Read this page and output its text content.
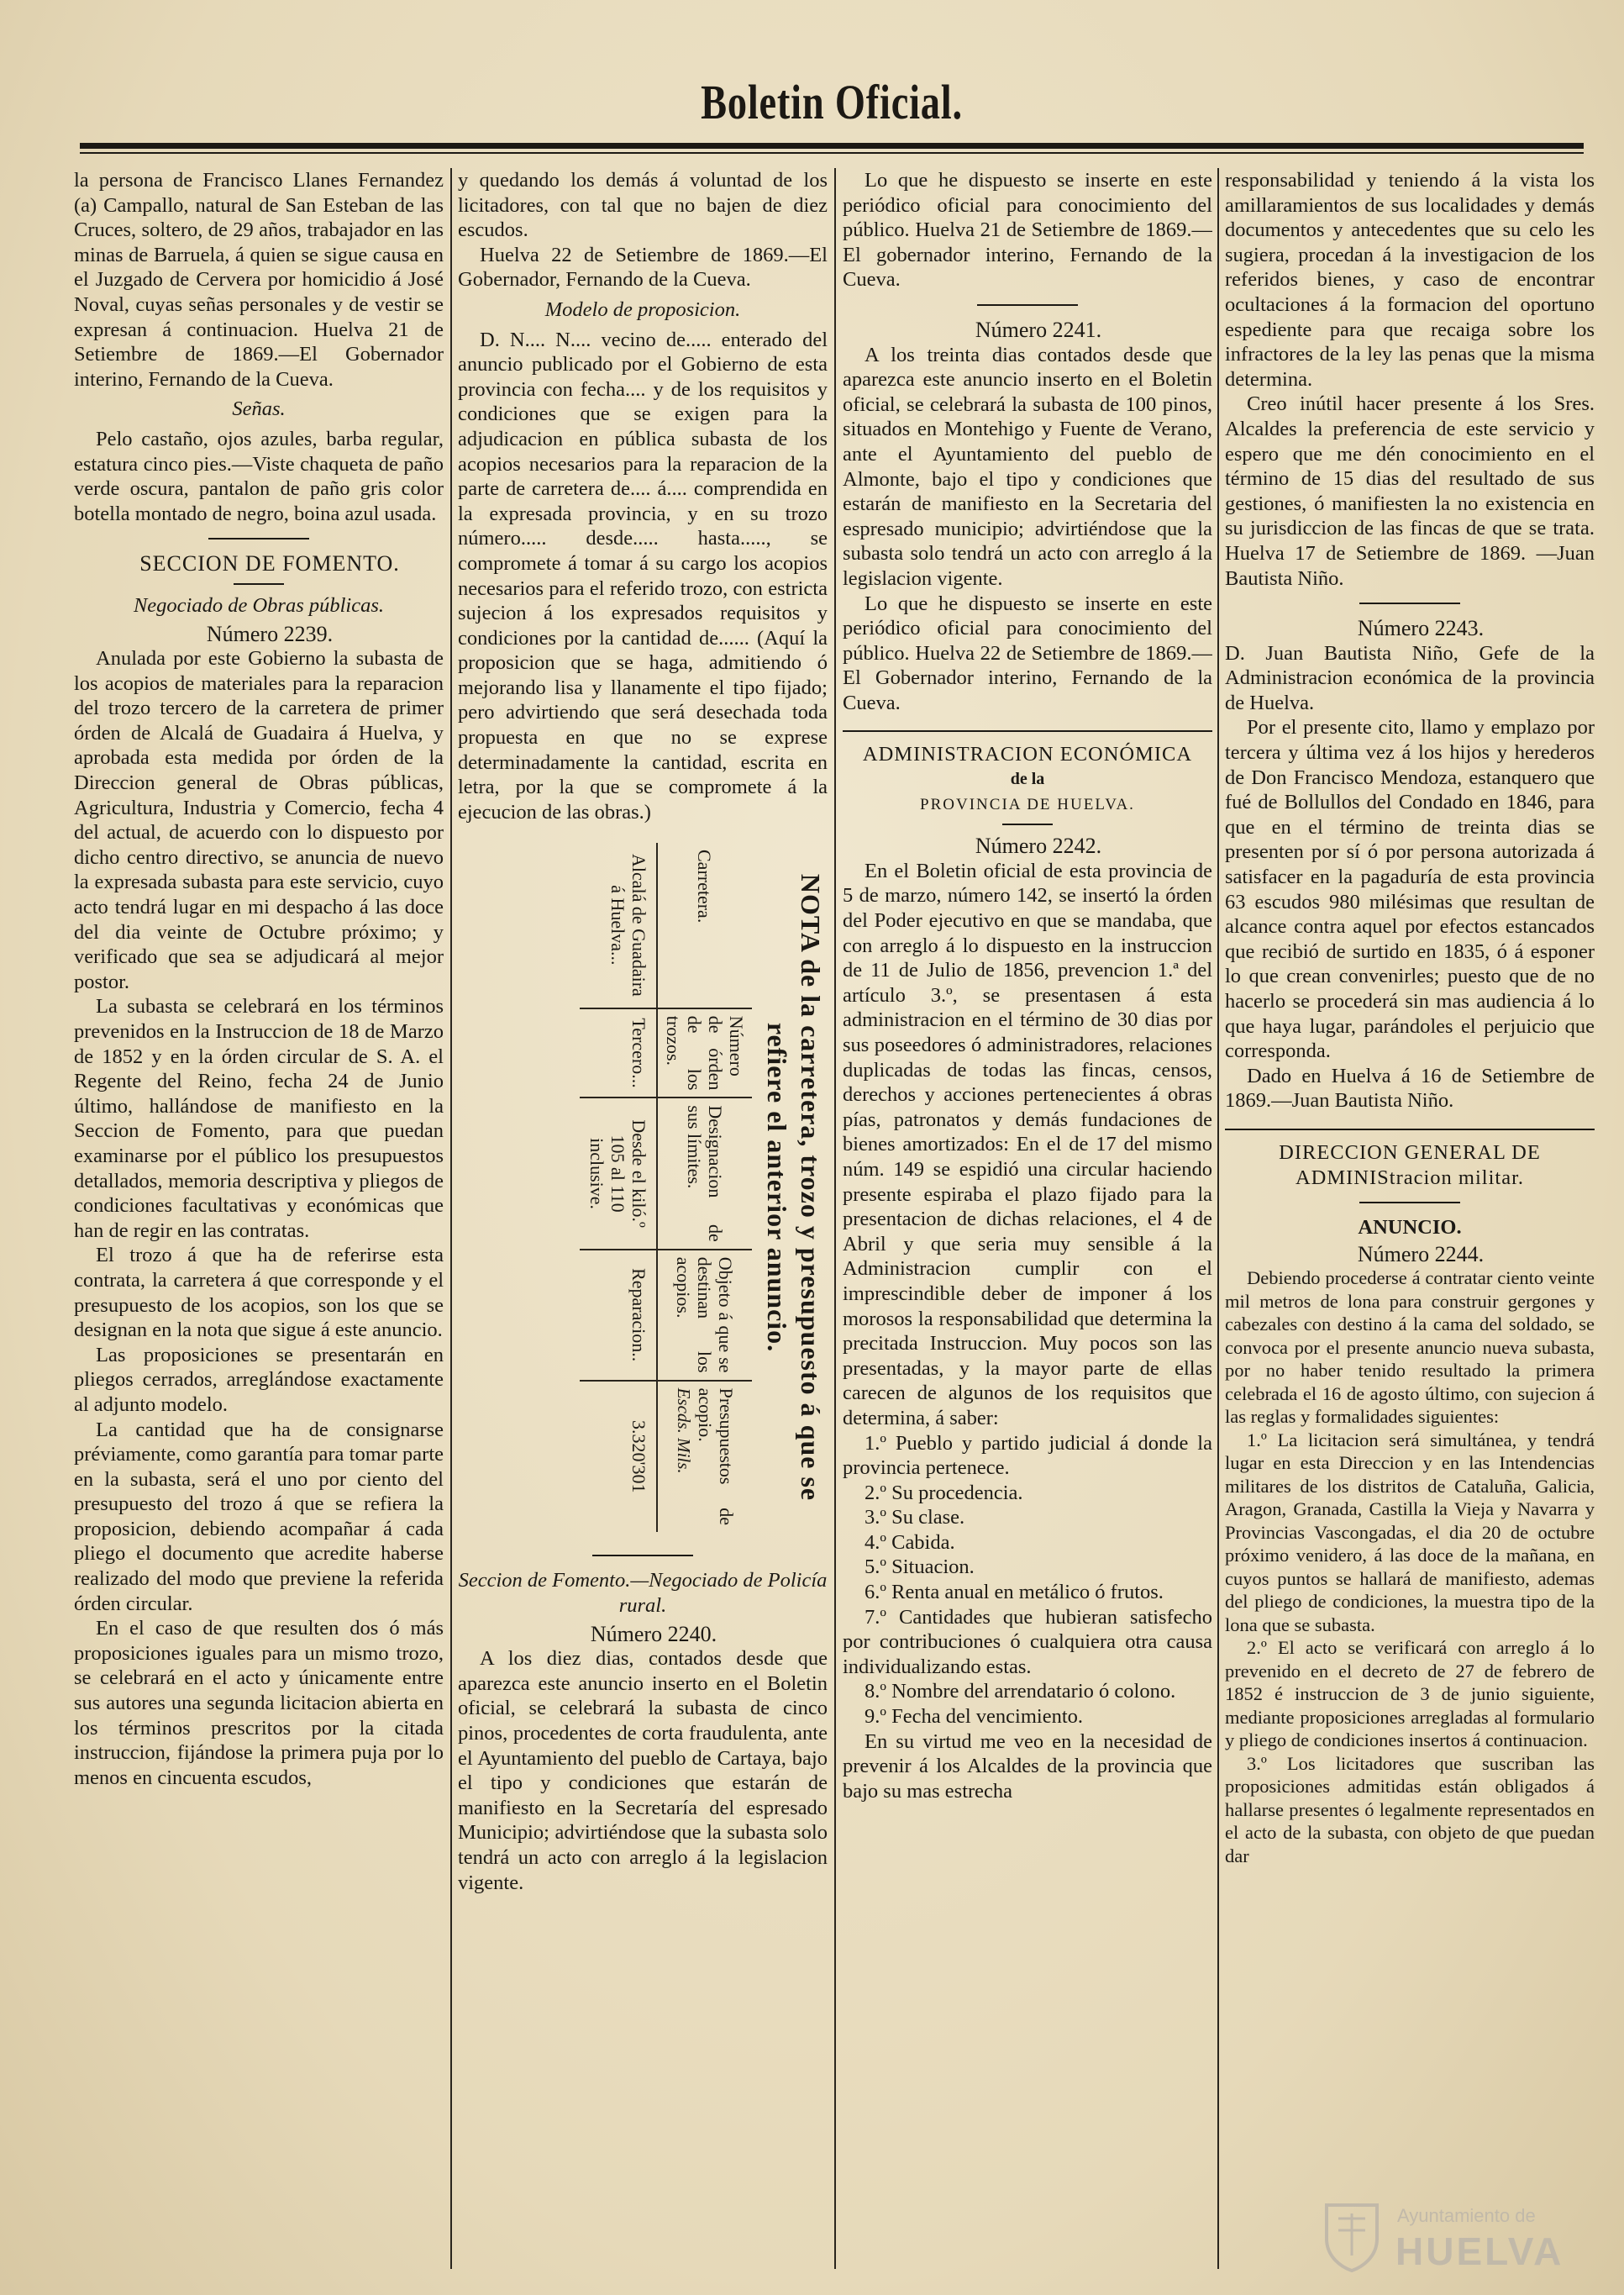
Boletin Oficial.

la persona de Francisco Llanes Fernandez (a) Campallo, natural de San Esteban de las Cruces, soltero, de 29 años, trabajador en las minas de Barruela, á quien se sigue causa en el Juzgado de Cervera por homicidio á José Noval, cuyas señas personales y de vestir se expresan á continuacion. Huelva 21 de Setiembre de 1869.—El Gobernador interino, Fernando de la Cueva.

Señas.

Pelo castaño, ojos azules, barba regular, estatura cinco pies.—Viste chaqueta de paño verde oscura, pantalon de paño gris color botella montado de negro, boina azul usada.

SECCION DE FOMENTO.

Negociado de Obras públicas.

Número 2239.

Anulada por este Gobierno la subasta de los acopios de materiales para la reparacion del trozo tercero de la carretera de primer órden de Alcalá de Guadaira á Huelva, y aprobada esta medida por órden de la Direccion general de Obras públicas, Agricultura, Industria y Comercio, fecha 4 del actual, de acuerdo con lo dispuesto por dicho centro directivo, se anuncia de nuevo la expresada subasta para este servicio, cuyo acto tendrá lugar en mi despacho á las doce del dia veinte de Octubre próximo; y verificado que sea se adjudicará al mejor postor.

La subasta se celebrará en los términos prevenidos en la Instruccion de 18 de Marzo de 1852 y en la órden circular de S. A. el Regente del Reino, fecha 24 de Junio último, hallándose de manifiesto en la Seccion de Fomento, para que puedan examinarse por el público los presupuestos detallados, memoria descriptiva y pliegos de condiciones facultativas y económicas que han de regir en las contratas.

El trozo á que ha de referirse esta contrata, la carretera á que corresponde y el presupuesto de los acopios, son los que se designan en la nota que sigue á este anuncio.

Las proposiciones se presentarán en pliegos cerrados, arreglándose exactamente al adjunto modelo.

La cantidad que ha de consignarse préviamente, como garantía para tomar parte en la subasta, será el uno por ciento del presupuesto del trozo á que se refiera la proposicion, debiendo acompañar á cada pliego el documento que acredite haberse realizado del modo que previene la referida órden circular.

En el caso de que resulten dos ó más proposiciones iguales para un mismo trozo, se celebrará en el acto y únicamente entre sus autores una segunda licitacion abierta en los términos prescritos por la citada instruccion, fijándose la primera puja por lo menos en cincuenta escudos,

y quedando los demás á voluntad de los licitadores, con tal que no bajen de diez escudos.

Huelva 22 de Setiembre de 1869.—El Gobernador, Fernando de la Cueva.

Modelo de proposicion.

D. N.... N.... vecino de..... enterado del anuncio publicado por el Gobierno de esta provincia con fecha.... y de los requisitos y condiciones que se exigen para la adjudicacion en pública subasta de los acopios necesarios para la reparacion de la parte de carretera de.... á.... comprendida en la expresada provincia, y en su trozo número..... desde..... hasta....., se compromete á tomar á su cargo los acopios necesarios para el referido trozo, con estricta sujecion á los expresados requisitos y condiciones por la cantidad de...... (Aquí la proposicion que se haga, admitiendo ó mejorando lisa y llanamente el tipo fijado; pero advirtiendo que será desechada toda propuesta en que no se exprese determinadamente la cantidad, escrita en letra, por la que se compromete á la ejecucion de las obras.)

NOTA de la carretera, trozo y presupuesto á que se refiere el anterior anuncio.
Carretera.	Número de órden de los trozos.	Designacion de sus límites.	Objeto á que se destinan los acopios.	Presupuestos de acopio.
Escds. Mils.
Alcalá de Guadaira á Huelva...	Tercero...	Desde el kiló.º 105 al 110 inclusive.	Reparacion..	3.320'301

Seccion de Fomento.—Negociado de Policía rural.

Número 2240.

A los diez dias, contados desde que aparezca este anuncio inserto en el Boletin oficial, se celebrará la subasta de cinco pinos, procedentes de corta fraudulenta, ante el Ayuntamiento del pueblo de Cartaya, bajo el tipo y condiciones que estarán de manifiesto en la Secretaría del espresado Municipio; advirtiéndose que la subasta solo tendrá un acto con arreglo á la legislacion vigente.

Lo que he dispuesto se inserte en este periódico oficial para conocimiento del público. Huelva 21 de Setiembre de 1869.—El gobernador interino, Fernando de la Cueva.

Número 2241.

A los treinta dias contados desde que aparezca este anuncio inserto en el Boletin oficial, se celebrará la subasta de 100 pinos, situados en Montehigo y Fuente de Verano, ante el Ayuntamiento del pueblo de Almonte, bajo el tipo y condiciones que estarán de manifiesto en la Secretaria del espresado municipio; advirtiéndose que la subasta solo tendrá un acto con arreglo á la legislacion vigente.

Lo que he dispuesto se inserte en este periódico oficial para conocimiento del público. Huelva 22 de Setiembre de 1869.—El Gobernador interino, Fernando de la Cueva.

ADMINISTRACION ECONÓMICA

de la

PROVINCIA DE HUELVA.

Número 2242.

En el Boletin oficial de esta provincia de 5 de marzo, número 142, se insertó la órden del Poder ejecutivo en que se mandaba, que con arreglo á lo dispuesto en la instruccion de 11 de Julio de 1856, prevencion 1.ª del artículo 3.º, se presentasen á esta administracion en el término de 30 dias por sus poseedores ó administradores, relaciones duplicadas de todas las fincas, censos, derechos y acciones pertenecientes á obras pías, patronatos y demás fundaciones de bienes amortizados: En el de 17 del mismo núm. 149 se espidió una circular haciendo presente espiraba el plazo fijado para la presentacion de dichas relaciones, el 4 de Abril y que seria muy sensible á la Administracion cumplir con el imprescindible deber de imponer á los morosos la responsabilidad que determina la precitada Instruccion. Muy pocos son las presentadas, y la mayor parte de ellas carecen de algunos de los requisitos que determina, á saber:

1.º Pueblo y partido judicial á donde la provincia pertenece.

2.º Su procedencia.

3.º Su clase.

4.º Cabida.

5.º Situacion.

6.º Renta anual en metálico ó frutos.

7.º Cantidades que hubieran satisfecho por contribuciones ó cualquiera otra causa individualizando estas.

8.º Nombre del arrendatario ó colono.

9.º Fecha del vencimiento.

En su virtud me veo en la necesidad de prevenir á los Alcaldes de la provincia que bajo su mas estrecha

responsabilidad y teniendo á la vista los amillaramientos de sus localidades y demás documentos y antecedentes que su celo les sugiera, procedan á la investigacion de los referidos bienes, y caso de encontrar ocultaciones á la formacion del oportuno espediente para que recaiga sobre los infractores de la ley las penas que la misma determina.

Creo inútil hacer presente á los Sres. Alcaldes la preferencia de este servicio y espero que me dén conocimiento en el término de 15 dias del resultado de sus gestiones, ó manifiesten la no existencia en su jurisdiccion de las fincas de que se trata. Huelva 17 de Setiembre de 1869. —Juan Bautista Niño.

Número 2243.

D. Juan Bautista Niño, Gefe de la Administracion económica de la provincia de Huelva.

Por el presente cito, llamo y emplazo por tercera y última vez á los hijos y herederos de Don Francisco Mendoza, estanquero que fué de Bollullos del Condado en 1846, para que en el término de treinta dias se presenten por sí ó por persona autorizada á satisfacer en la pagaduría de esta provincia 63 escudos 980 milésimas que resultan de alcance contra aquel por efectos estancados que recibió de surtido en 1835, ó á esponer lo que crean convenirles; puesto que de no hacerlo se procederá sin mas audiencia á lo que haya lugar, parándoles el perjuicio que corresponda.

Dado en Huelva á 16 de Setiembre de 1869.—Juan Bautista Niño.

DIRECCION GENERAL DE ADMINIStracion militar.

ANUNCIO.

Número 2244.

Debiendo procederse á contratar ciento veinte mil metros de lona para construir gergones y cabezales con destino á la cama del soldado, se convoca por el presente anuncio nueva subasta, por no haber tenido resultado la primera celebrada el 16 de agosto último, con sujecion á las reglas y formalidades siguientes:

1.º La licitacion será simultánea, y tendrá lugar en esta Direccion y en las Intendencias militares de los distritos de Cataluña, Galicia, Aragon, Granada, Castilla la Vieja y Navarra y Provincias Vascongadas, el dia 20 de octubre próximo venidero, á las doce de la mañana, en cuyos puntos se hallará de manifiesto, ademas del pliego de condiciones, la muestra tipo de la lona que se subasta.

2.º El acto se verificará con arreglo á lo prevenido en el decreto de 27 de febrero de 1852 é instruccion de 3 de junio siguiente, mediante proposiciones arregladas al formulario y pliego de condiciones insertos á continuacion.

3.º Los licitadores que suscriban las proposiciones admitidas están obligados á hallarse presentes ó legalmente representados en el acto de la subasta, con objeto de que puedan dar

Ayuntamiento de
HUELVA
